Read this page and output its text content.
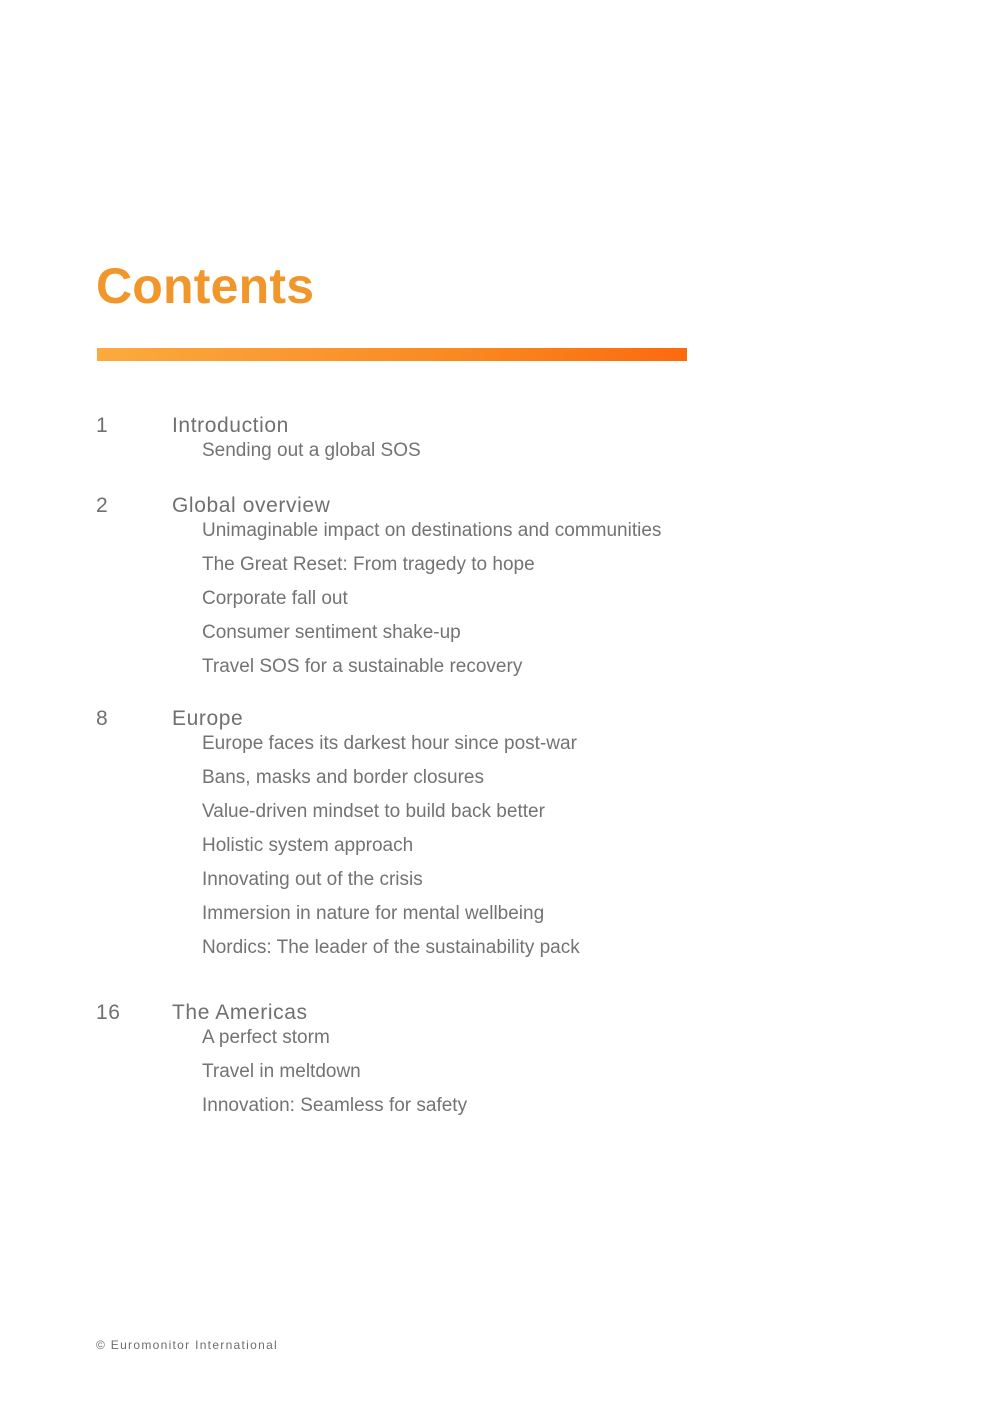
Contents
1	Introduction
Sending out a global SOS
2	Global overview
Unimaginable impact on destinations and communities
The Great Reset: From tragedy to hope
Corporate fall out
Consumer sentiment shake-up
Travel SOS for a sustainable recovery
8	Europe
Europe faces its darkest hour since post-war
Bans, masks and border closures
Value-driven mindset to build back better
Holistic system approach
Innovating out of the crisis
Immersion in nature for mental wellbeing
Nordics: The leader of the sustainability pack
16 The Americas
A perfect storm
Travel in meltdown
Innovation: Seamless for safety
© Euromonitor International
